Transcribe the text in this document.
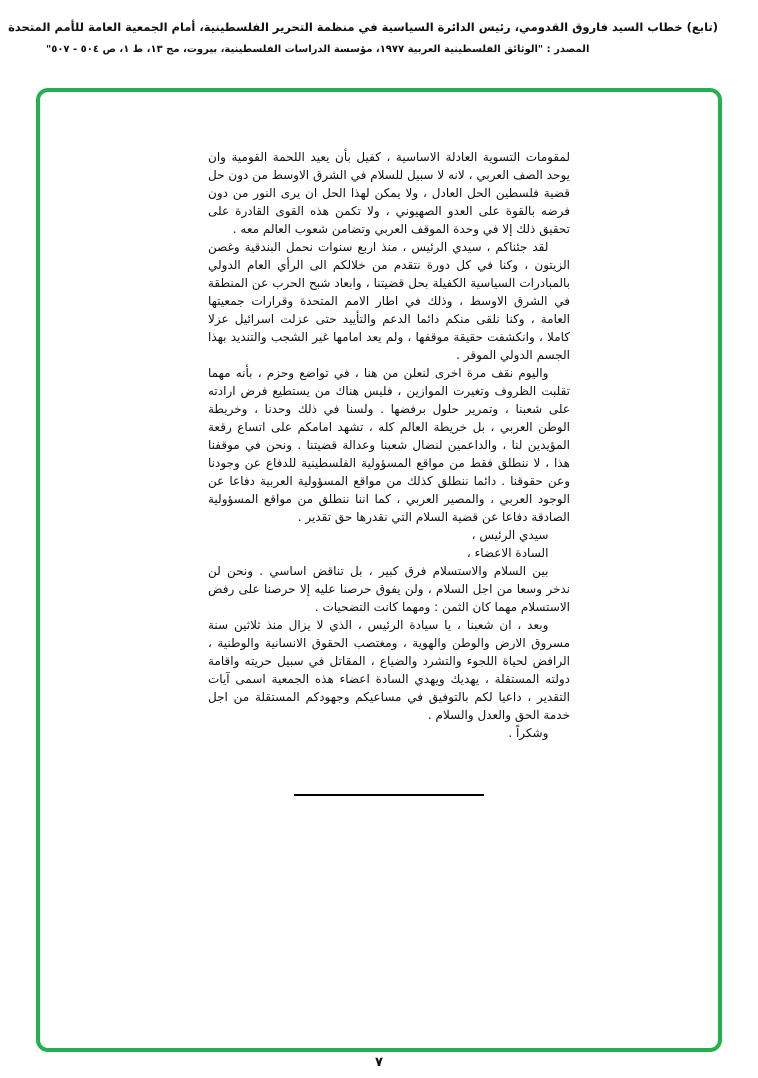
(تابع) خطاب السيد فاروق القدومي، رئيس الدائرة السياسية في منظمة التحرير الفلسطينية، أمام الجمعية العامة للأمم المتحدة
المصدر : "الوثائق الفلسطينية العربية ١٩٧٧، مؤسسة الدراسات الفلسطينية، بيروت، مج ١٣، ط ١، ص ٥٠٤ - ٥٠٧"

لمقومات التسوية العادلة الاساسية ، كفيل بأن يعيد اللحمة القومية وان يوحد الصف العربي ، لانه لا سبيل للسلام في الشرق الاوسط من دون حل قضية فلسطين الحل العادل ، ولا يمكن لهذا الحل ان يرى النور من دون فرضه بالقوة على العدو الصهيوني ، ولا تكمن هذه القوى القادرة على تحقيق ذلك إلا في وحدة الموقف العربي وتضامن شعوب العالم معه .

لقد جئناكم ، سيدي الرئيس ، منذ اربع سنوات نحمل البندقية وغصن الزيتون ، وكنا في كل دورة نتقدم من خلالكم الى الرأي العام الدولي بالمبادرات السياسية الكفيلة بحل قضيتنا ، وابعاد شبح الحرب عن المنطقة في الشرق الاوسط ، وذلك في اطار الامم المتحدة وقرارات جمعيتها العامة ، وكنا نلقى منكم دائما الدعم والتأييد حتى عزلت اسرائيل عزلا كاملا ، وانكشفت حقيقة موقفها ، ولم يعد امامها غير الشجب والتنديد بهذا الجسم الدولي الموقر .

واليوم نقف مرة اخرى لنعلن من هنا ، في تواضع وحزم ، بأنه مهما تقلبت الظروف وتغيرت الموازين ، فليس هناك من يستطيع فرض ارادته على شعبنا ، وتمرير حلول برفضها . ولسنا في ذلك وحدنا ، وخريطة الوطن العربي ، بل خريطة العالم كله ، تشهد امامكم على اتساع رقعة المؤيدين لنا ، والداعمين لنضال شعبنا وعدالة قضيتنا . ونحن في موقفنا هذا ، لا ننطلق فقط من مواقع المسؤولية الفلسطينية للدفاع عن وجودنا وعن حقوقنا . دائما ننطلق كذلك من مواقع المسؤولية العربية دفاعا عن الوجود العربي ، والمصير العربي ، كما اننا ننطلق من مواقع المسؤولية الصادقة دفاعا عن قضية السلام التي نقدرها حق تقدير .

سيدي الرئيس ،

السادة الاعضاء ،

بين السلام والاستسلام فرق كبير ، بل تناقض اساسي . ونحن لن ندخر وسعا من اجل السلام ، ولن يفوق حرصنا عليه إلا حرصنا على رفض الاستسلام مهما كان الثمن : ومهما كانت التضحيات .

وبعد ، ان شعبنا ، يا سيادة الرئيس ، الذي لا يزال منذ ثلاثين سنة مسروق الارض والوطن والهوية ، ومغتصب الحقوق الانسانية والوطنية ، الرافض لحياة اللجوء والتشرد والضياع ، المقاتل في سبيل حريته واقامة دولته المستقلة ، يهديك ويهدي السادة اعضاء هذه الجمعية اسمى آيات التقدير ، داعيا لكم بالتوفيق في مساعيكم وجهودكم المستقلة من اجل خدمة الحق والعدل والسلام .

وشكراً .

٧
